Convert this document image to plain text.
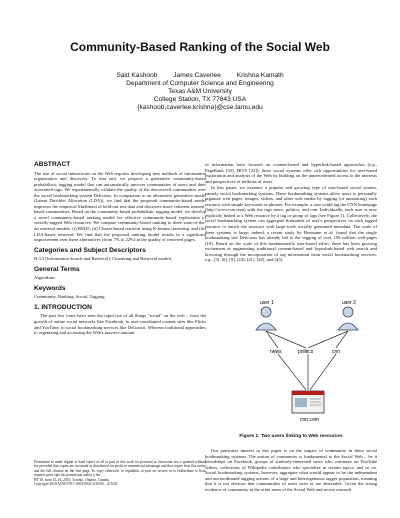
Community-Based Ranking of the Social Web
Said Kashoob James Caverlee Krishna Kamath
Department of Computer Science and Engineering
Texas A&M University
College Station, TX 77843 USA
{kashoob,caverlee,krishna}@cse.tamu.edu
ABSTRACT

The rise of social interactions on the Web requires developing new methods of information organization and discovery. To that end, we propose a generative community-based probabilistic tagging model that can automatically uncover communities of users and their associated tags. We experimentally validate the quality of the discovered communities over the social bookmarking system Delicious. In comparison to an alternative generative model (Latent Dirichlet Allocation (LDA)), we find that the proposed community-based model improves the empirical likelihood of held-out test data and discovers more coherent interest-based communities. Based on the community-based probabilistic tagging model, we develop a novel community-based ranking model for effective community-based exploration of socially-tagged Web resources. We compare community-based ranking to three state-of-the-art retrieval models: (i) BM25; (ii) Cluster-based retrieval using K-means clustering; and (iii) LDA-based retrieval. We find that the proposed ranking model results in a significant improvement over these alternatives (from 7% to 22%) in the quality of retrieved pages.

Categories and Subject Descriptors

H.3.3 [Information Search and Retrieval]: Clustering and Retrieval models

General Terms

Algorithms

Keywords

Community, Ranking, Social, Tagging

1. INTRODUCTION

The past few years have seen the rapid rise of all things "social" on the web – from the growth of online social networks like Facebook, to user-contributed content sites like Flickr and YouTube, to social bookmarking services like Delicious. Whereas traditional approaches to organizing and accessing the Web's massive amount

Permission to make digital or hard copies of all or part of this work for personal or classroom use is granted without fee provided that copies are not made or distributed for profit or commercial advantage and that copies bear this notice and the full citation on the first page. To copy otherwise, to republish, to post on servers or to redistribute to lists, requires prior specific permission and/or a fee.

HT'10, June 13–16, 2010, Toronto, Ontario, Canada.

Copyright 2010 ACM 978-1-4503-0041-4/10/06 ...$10.00.

of information have focused on content-based and hyperlink-based approaches (e.g., PageRank [33], HITS [22]), these social systems offer rich opportunities for user-based exploration and analysis of the Web by building on the unprecedented access to the interests and perspectives of millions of users.

In this paper, we examine a popular and growing type of user-based social system, namely social bookmarking systems. These bookmarking systems allow users to personally organize web pages, images, videos, and other web media by tagging (or annotating) each resource with simple keywords or phrases. For example, a user could tag the CNN homepage (http://www.cnn.com) with the tags news, politics, and cnn. Individually, each user is now explicitly linked to a Web resource by a tag or group of tags (see Figure 1). Collectively, the social bookmarking system can aggregate thousands of user's perspectives on each tagged resource to enrich the resource with large-scale socially generated metadata. The scale of these systems is large; indeed, a recent study by Heymann et al. found that the single bookmarking site Delicious has already led to the tagging of over 150 million web-pages [19]. Based on the scale of this fundamentally user-based effort, there has been growing excitement at augmenting traditional content-based and hyperlink-based web search and browsing through the incorporation of tag information from social bookmarking services, e.g., [3], [6], [9], [24], [41], [42], and [43].

user 1	user 2
news	politics	cnn
cnn.com
Figure 1: Two users linking to Web resources

Our particular interest in this paper is on the impact of community in these social bookmarking systems. The notion of community is fundamental to the Social Web – be it friendships on Facebook, groups of similarly-interested users who comment on YouTube videos, collections of Wikipedia contributors who specialize in certain topics, and so on. Social bookmarking systems, however, aggregate what would appear to be the independent and uncoordinated tagging actions of a large and heterogeneous tagger population, meaning that it is not obvious that communities of users exist or are detectable. Given the strong evidence of community in the other areas of the Social Web and recent research
